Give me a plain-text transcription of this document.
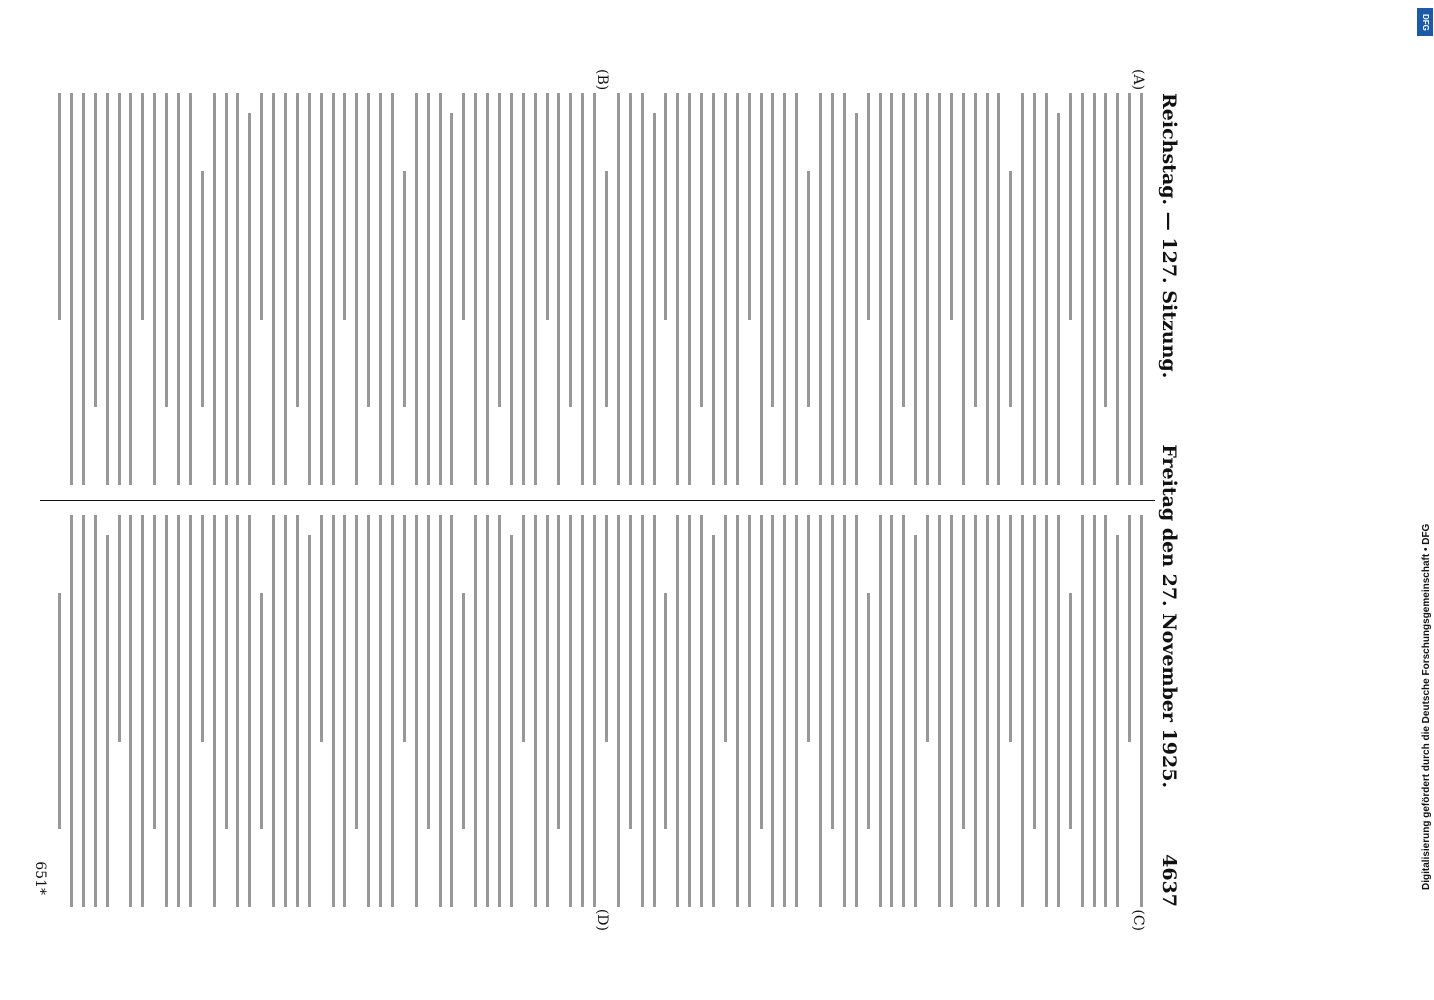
Reichstag. — 127. Sitzung.
Freitag den 27. November 1925.
4637
(A)
(B)
(C)
(D)
651*
DFG
Digitalisierung gefördert durch die Deutsche Forschungsgemeinschaft • DFG
